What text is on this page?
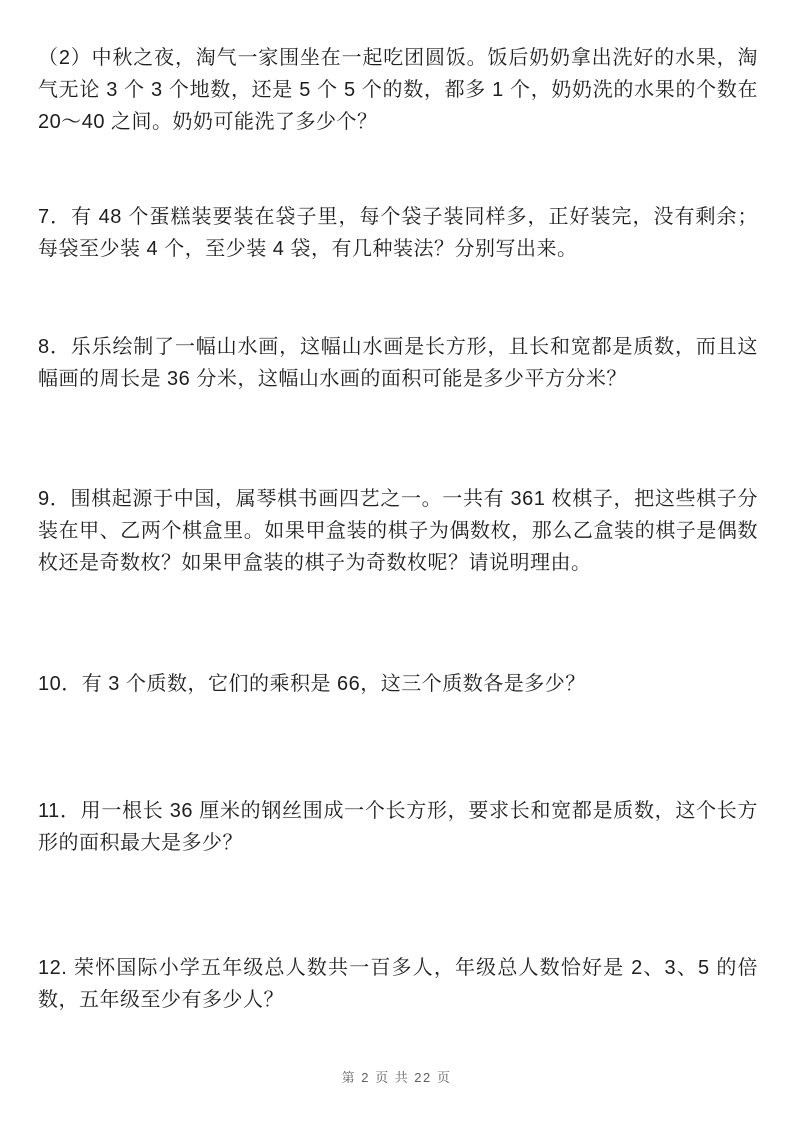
（2）中秋之夜，淘气一家围坐在一起吃团圆饭。饭后奶奶拿出洗好的水果，淘气无论 3 个 3 个地数，还是 5 个 5 个的数，都多 1 个，奶奶洗的水果的个数在 20～40 之间。奶奶可能洗了多少个？
7．有 48 个蛋糕装要装在袋子里，每个袋子装同样多，正好装完，没有剩余；每袋至少装 4 个，至少装 4 袋，有几种装法？分别写出来。
8．乐乐绘制了一幅山水画，这幅山水画是长方形，且长和宽都是质数，而且这幅画的周长是 36 分米，这幅山水画的面积可能是多少平方分米？
9．围棋起源于中国，属琴棋书画四艺之一。一共有 361 枚棋子，把这些棋子分装在甲、乙两个棋盒里。如果甲盒装的棋子为偶数枚，那么乙盒装的棋子是偶数枚还是奇数枚？如果甲盒装的棋子为奇数枚呢？请说明理由。
10．有 3 个质数，它们的乘积是 66，这三个质数各是多少？
11．用一根长 36 厘米的钢丝围成一个长方形，要求长和宽都是质数，这个长方形的面积最大是多少？
12. 荣怀国际小学五年级总人数共一百多人，年级总人数恰好是 2、3、5 的倍数，五年级至少有多少人？
第 2 页 共 22 页
